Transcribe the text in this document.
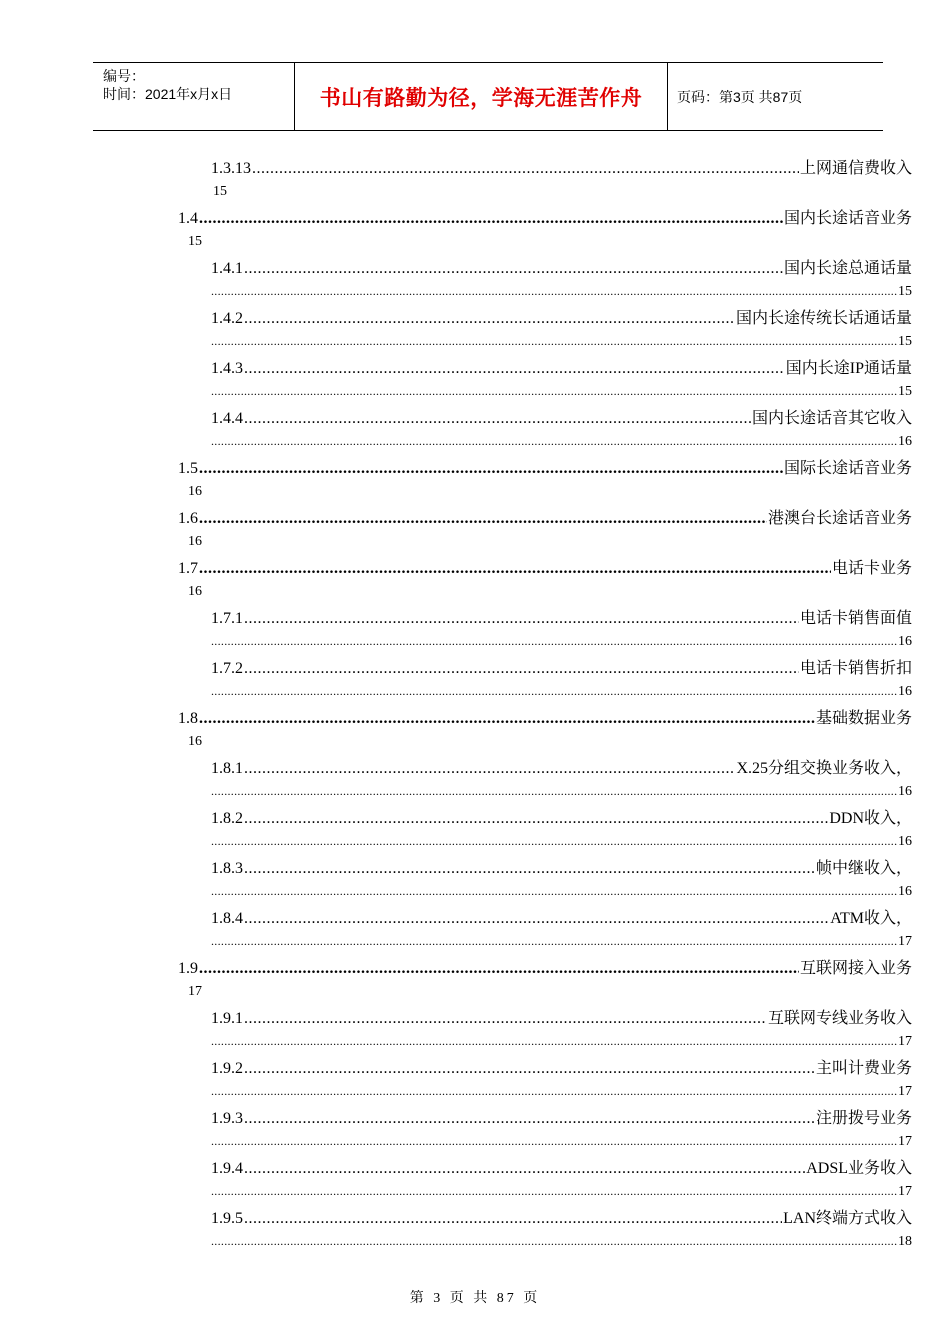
编号：
时间：2021年x月x日	书山有路勤为径，学海无涯苦作舟	页码：第3页 共87页
1.3.13 .....	上网通信费收入
15
1.4 .....	国内长途话音业务
15
1.4.1 .....	国内长途总通话量
.....
15
1.4.2 .....	国内长途传统长话通话量
.....
15
1.4.3 .....	国内长途IP通话量
.....
15
1.4.4 .....	国内长途话音其它收入
.....
16
1.5 .....	国际长途话音业务
16
1.6 .....	港澳台长途话音业务
16
1.7 .....	电话卡业务
16
1.7.1 .....	电话卡销售面值
.....
16
1.7.2 .....	电话卡销售折扣
.....
16
1.8 .....	基础数据业务
16
1.8.1 .....	X.25分组交换业务收入，
.....
16
1.8.2 .....	DDN收入，
.....
16
1.8.3 .....	帧中继收入，
.....
16
1.8.4 .....	ATM收入，
.....
17
1.9 .....	互联网接入业务
17
1.9.1 .....	互联网专线业务收入
.....
17
1.9.2 .....	主叫计费业务
.....
17
1.9.3 .....	注册拨号业务
.....
17
1.9.4 .....	ADSL业务收入
.....
17
1.9.5 .....	LAN终端方式收入
.....
18
第 3 页 共 87 页
